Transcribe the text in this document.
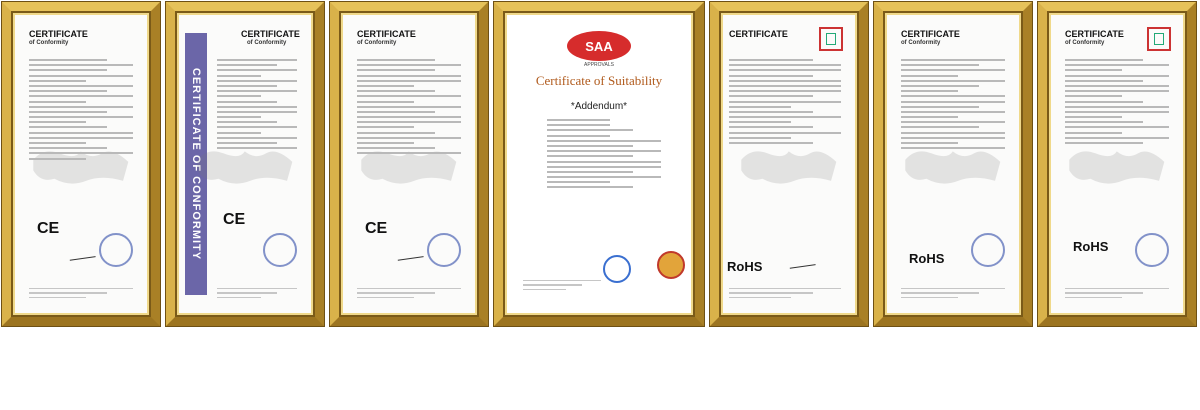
CERTIFICATE
of Conformity
CE	CERTIFICATE OF CONFORMITY
CERTIFICATE
of Conformity
CE
CERTIFICATE
of Conformity
CE
SAA
APPROVALS
Certificate of Suitability
*Addendum*
CERTIFICATE
RoHS
CERTIFICATE
of Conformity
RoHS
CERTIFICATE
of Conformity
RoHS
